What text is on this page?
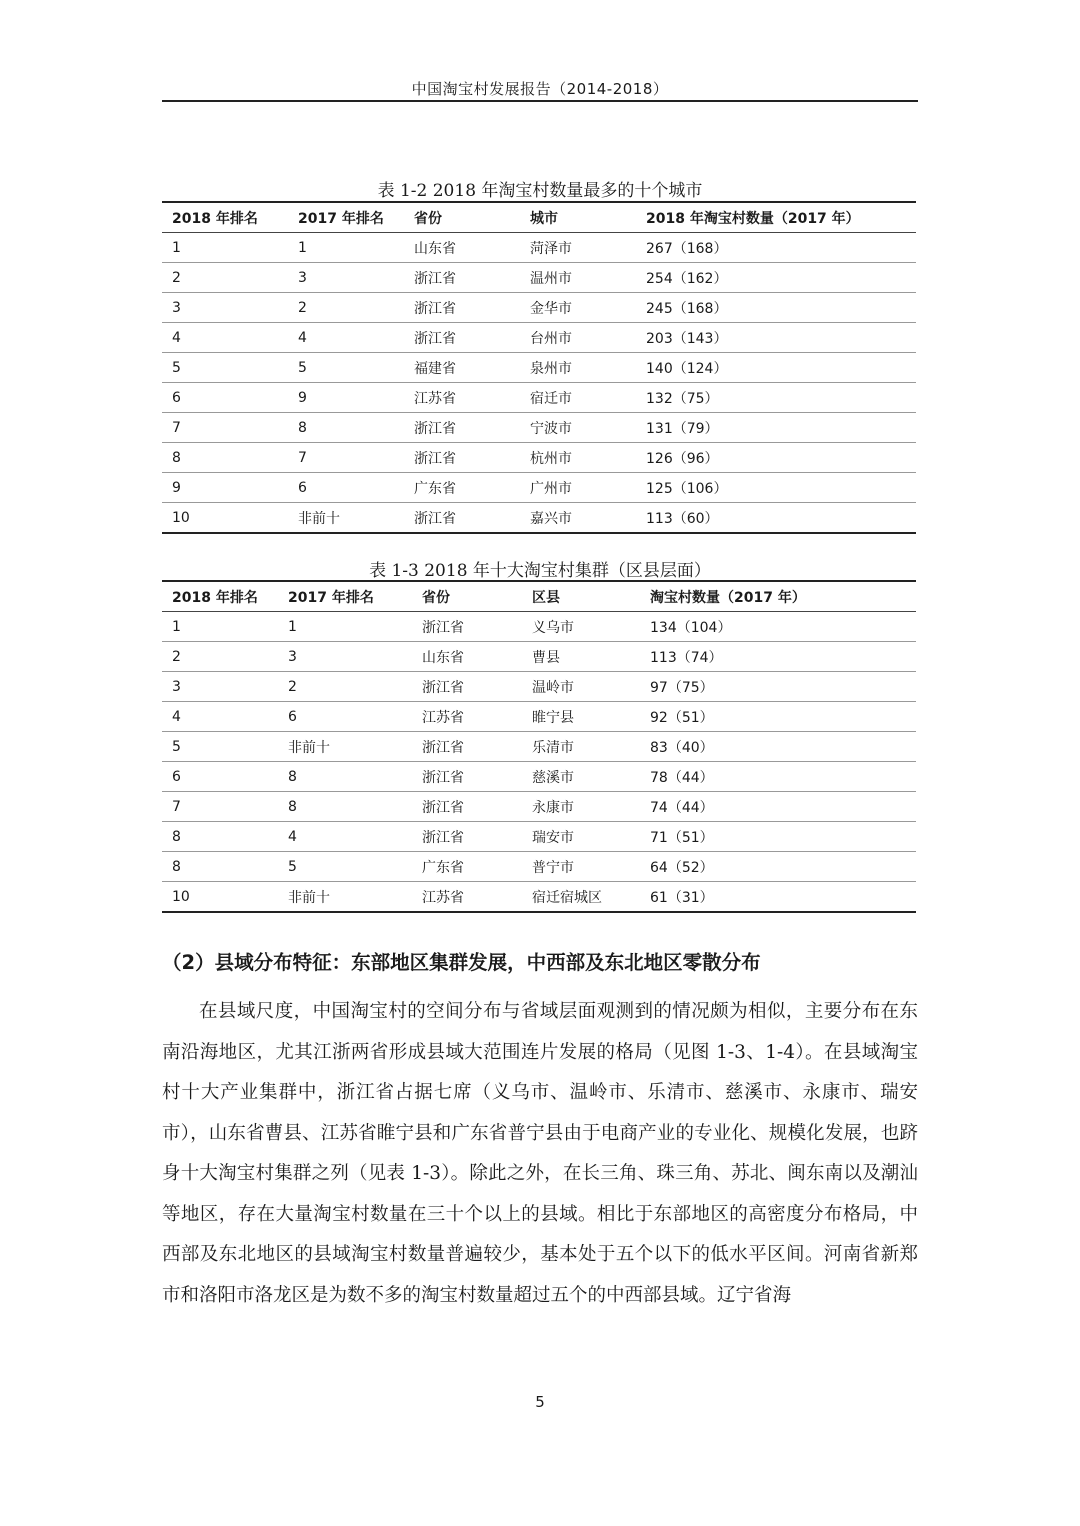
中国淘宝村发展报告（2014-2018）
表 1-2 2018 年淘宝村数量最多的十个城市
2018 年排名	2017 年排名	省份	城市	2018 年淘宝村数量（2017 年）
1	1	山东省	菏泽市	267（168）
2	3	浙江省	温州市	254（162）
3	2	浙江省	金华市	245（168）
4	4	浙江省	台州市	203（143）
5	5	福建省	泉州市	140（124）
6	9	江苏省	宿迁市	132（75）
7	8	浙江省	宁波市	131（79）
8	7	浙江省	杭州市	126（96）
9	6	广东省	广州市	125（106）
10	非前十	浙江省	嘉兴市	113（60）
表 1-3 2018 年十大淘宝村集群（区县层面）
2018 年排名	2017 年排名	省份	区县	淘宝村数量（2017 年）
1	1	浙江省	义乌市	134（104）
2	3	山东省	曹县	113（74）
3	2	浙江省	温岭市	97（75）
4	6	江苏省	睢宁县	92（51）
5	非前十	浙江省	乐清市	83（40）
6	8	浙江省	慈溪市	78（44）
7	8	浙江省	永康市	74（44）
8	4	浙江省	瑞安市	71（51）
8	5	广东省	普宁市	64（52）
10	非前十	江苏省	宿迁宿城区	61（31）
（2）县域分布特征：东部地区集群发展，中西部及东北地区零散分布
在县域尺度，中国淘宝村的空间分布与省域层面观测到的情况颇为相似，主要分布在东南沿海地区，尤其江浙两省形成县域大范围连片发展的格局（见图 1-3、1-4）。在县域淘宝村十大产业集群中，浙江省占据七席（义乌市、温岭市、乐清市、慈溪市、永康市、瑞安市），山东省曹县、江苏省睢宁县和广东省普宁县由于电商产业的专业化、规模化发展，也跻身十大淘宝村集群之列（见表 1-3）。除此之外，在长三角、珠三角、苏北、闽东南以及潮汕等地区，存在大量淘宝村数量在三十个以上的县域。相比于东部地区的高密度分布格局，中西部及东北地区的县域淘宝村数量普遍较少，基本处于五个以下的低水平区间。河南省新郑市和洛阳市洛龙区是为数不多的淘宝村数量超过五个的中西部县域。辽宁省海
5
